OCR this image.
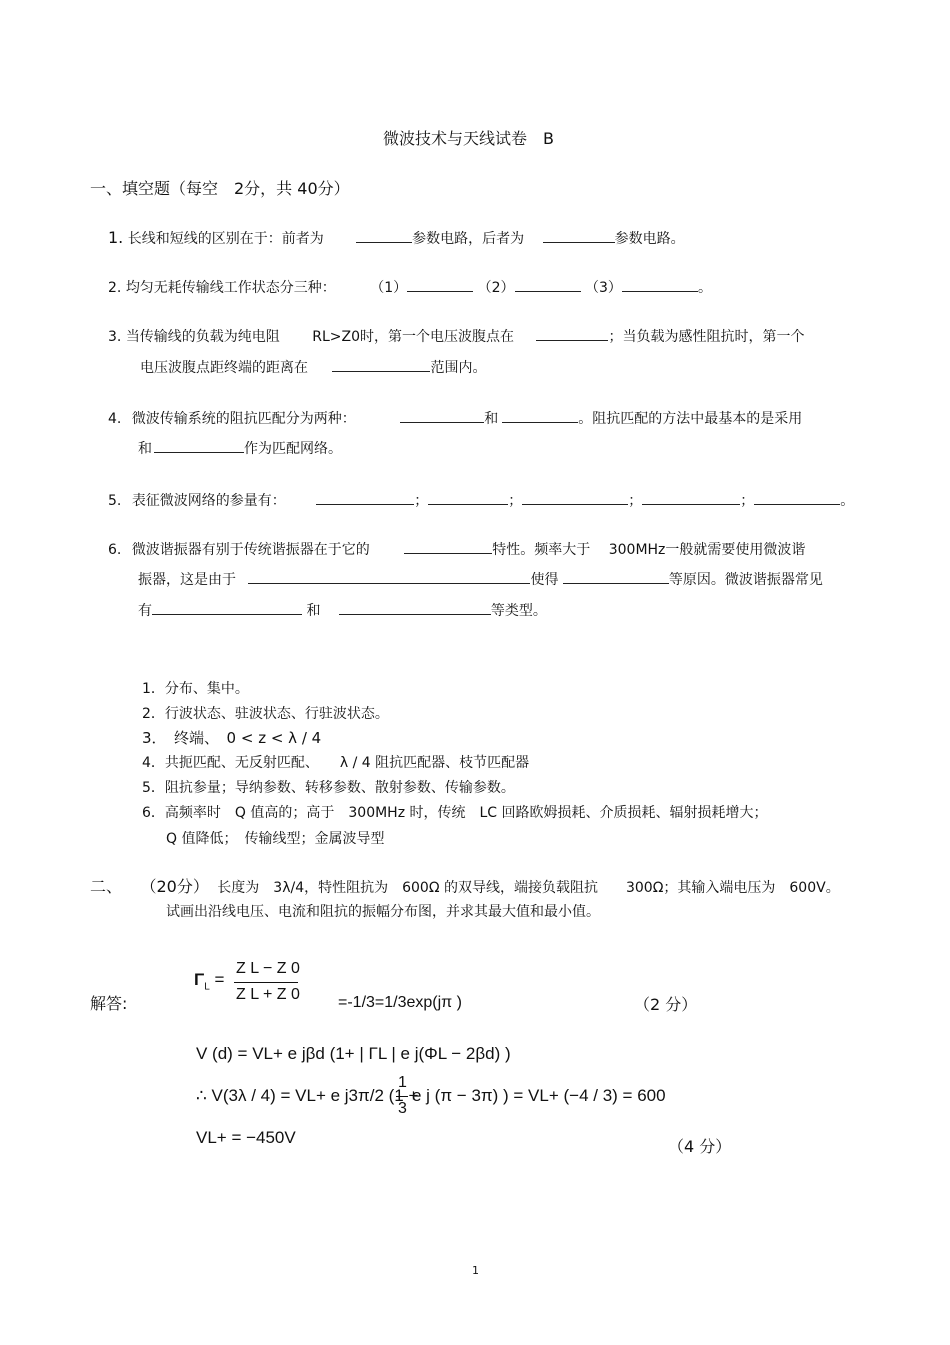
微波技术与天线试卷　B
一、填空题（每空　2分，共 40分）
1. 长线和短线的区别在于：前者为	参数电路，后者为	参数电路。
2. 均匀无耗传输线工作状态分三种： （1）	（2）	（3）	。
3. 当传输线的负载为纯电阻 RL>Z0时，第一个电压波腹点在	；当负载为感性阻抗时，第一个
电压波腹点距终端的距离在	范围内。
4. 微波传输系统的阻抗匹配分为两种：	和	。阻抗匹配的方法中最基本的是采用
和	作为匹配网络。
5. 表征微波网络的参量有：	；	；	；	；	。
6. 微波谐振器有别于传统谐振器在于它的	特性。频率大于 300MHz一般就需要使用微波谐
振器，这是由于	使得	等原因。微波谐振器常见
有	和	等类型。
1．分布、集中。
2．行波状态、驻波状态、行驻波状态。
3．　终端、　0 < z < λ / 4
4．共扼匹配、无反射匹配、　　λ / 4 阻抗匹配器、枝节匹配器
5．阻抗参量；导纳参数、转移参数、散射参数、传输参数。
6．高频率时　Q 值高的；高于　300MHz 时，传统　LC 回路欧姆损耗、介质损耗、辐射损耗增大；
Q 值降低；　传输线型；金属波导型
二、 （20分） 长度为　3λ/4，特性阻抗为　600Ω 的双导线，端接负载阻抗　　300Ω；其输入端电压为　600V。
试画出沿线电压、电流和阻抗的振幅分布图，并求其最大值和最小值。
解答:
$\Gamma_L$ =
Z L − Z 0
Z L + Z 0 =-1/3=1/3exp(jπ )	（2 分）
V (d) = VL+ e jβd (1+ | ΓL | e j(ΦL − 2βd) )
∴ V(3λ / 4) = VL+ e j3π/2 (1 +
1
3
e j (π − 3π) ) = VL+ (−4 / 3) = 600
VL+ = −450V	（4 分）
1
